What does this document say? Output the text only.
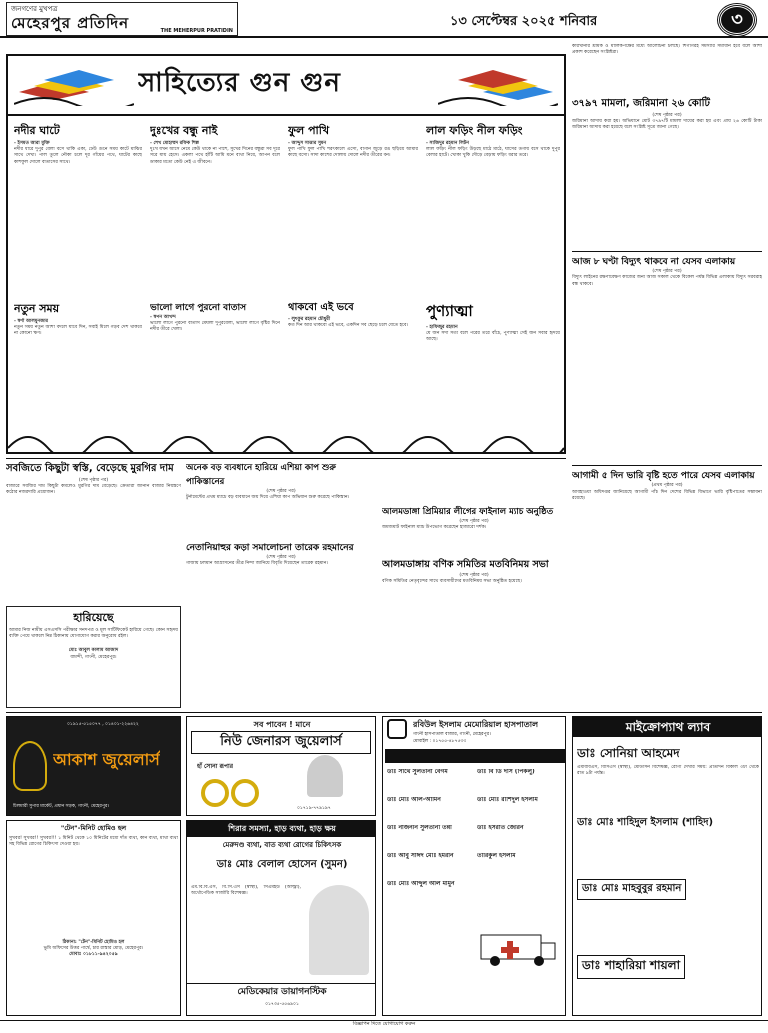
জনগণের মুখপত্র
মেহেরপুর প্রতিদিন	THE MEHERPUR PRATIDIN
১৩ সেপ্টেম্বর ২০২৫ শনিবার	৩
সাহিত্যের গুন গুন
নদীর ঘাটে
- ইসমত আরা মুক্তি
নদীর ধারে দুপুর বেলা বসে থাকি একা, ঢেউ গুনে সময় কাটে মাঝির সাথে দেখা। পাল তুলে নৌকা চলে দূর গাঁয়ের পথে, ঘাটের কাছে কাশফুল দোলে বাতাসের সাথে।
দুঃখের বন্ধু নাই
- শেখ মোহাম্মদ রফিক শিল্প
দুঃখ যখন আসে নেমে কেউ থাকে না পাশে, সুখের দিনের বন্ধুরা সব দূরে সরে যায় হেসে। একলা পথে হাঁটি আমি মনে ব্যথা নিয়ে, আপন বলে ডাকার মতো কেউ নেই এ জীবনে।
ফুল পাখি
- আব্দুস সাত্তার সুমন
ফুল পাখি ফুল পাখি শরৎকালে এসো, বাগান জুড়ে রঙ ছড়িয়ে আমার কাছে বসো। সাদা কাশের দোলায় দোলে নদীর তীরের বন।
লাল ফড়িং নীল ফড়িং
- সাজিদুর রহমান লিটন
লাল ফড়িং নীল ফড়িং উড়ছে মাঠে মাঠে, ঘাসের ডগায় বসে থাকে দুপুর বেলার হাটে। খোকা খুকি দৌড়ে বেড়ায় ফড়িং ধরার তরে।
নতুন সময়
- স্বর্ণা আলমুনজার
নতুন সময় নতুন আশা বদলে যাবে দিন, সবাই মিলে গড়ব দেশ থাকবে না কোনো ঋণ।
ভালো লাগে পুরনো বাতাস
- স্বপন আখন্দ
ভালো লাগে পুরনো বাতাস মেঘলা দুপুরবেলা, ভালো লাগে বৃষ্টির দিনে নদীর তীরে খেলা।
থাকবো এই ভবে
- লুৎফুর রহমান চৌধুরী
কত দিন আর থাকবো এই ভবে, একদিন সব ছেড়ে চলে যেতে হবে।
পুণ্যাত্মা
- হাফিজুর রহমান
যে জন সদা সত্য বলে পরের তরে বাঁচে, পুণ্যাত্মা সেই জন সবার হৃদয়ে আছে।
কারখানার শ্রমিক ও মালিকপক্ষের মধ্যে আলোচনা চলছে। শিগগিরই সমস্যার সমাধান হবে বলে আশা প্রকাশ করেছেন সংশ্লিষ্টরা।
৩৭৯৭ মামলা, জরিমানা ২৬ কোটি
(শেষ পৃষ্ঠার পর)
জরিমানা আদায় করা হয়। অভিযানে মোট ৩৭৯৭টি মামলা দায়ের করা হয় এবং প্রায় ২৬ কোটি টাকা জরিমানা আদায় করা হয়েছে বলে সংশ্লিষ্ট সূত্রে জানা গেছে।
আজ ৮ ঘণ্টা বিদ্যুৎ থাকবে না যেসব এলাকায়
(শেষ পৃষ্ঠার পর)
বিদ্যুৎ লাইনের রক্ষণাবেক্ষণ কাজের জন্য আজ সকাল থেকে বিকেল পর্যন্ত বিভিন্ন এলাকায় বিদ্যুৎ সরবরাহ বন্ধ থাকবে।
আগামী ৫ দিন ভারি বৃষ্টি হতে পারে যেসব এলাকায়
(প্রথম পৃষ্ঠার পর)
আবহাওয়া অধিদপ্তর জানিয়েছে আগামী পাঁচ দিন দেশের বিভিন্ন বিভাগে ভারি বৃষ্টিপাতের সম্ভাবনা রয়েছে।
সবজিতে কিছুটা স্বস্তি, বেড়েছে মুরগির দাম
(শেষ পৃষ্ঠার পর)
বাজারে সবজির দাম কিছুটা কমলেও মুরগির দাম বেড়েছে। ক্রেতারা জানান বাজার নিয়ন্ত্রণে কঠোর নজরদারি প্রয়োজন।
অনেক বড় ব্যবধানে হারিয়ে এশিয়া কাপ শুরু পাকিস্তানের
(শেষ পৃষ্ঠার পর)
টুর্নামেন্টের প্রথম ম্যাচে বড় ব্যবধানে জয় দিয়ে এশিয়া কাপ অভিযান শুরু করেছে পাকিস্তান।
নেতানিয়াহুর কড়া সমালোচনা তারেক রহমানের
(শেষ পৃষ্ঠার পর)
গাজায় চলমান আগ্রাসনের তীব্র নিন্দা জানিয়ে বিবৃতি দিয়েছেন তারেক রহমান।
আলমডাঙ্গা প্রিমিয়ার লীগের ফাইনাল ম্যাচ অনুষ্ঠিত
(শেষ পৃষ্ঠার পর)
জমজমাট ফাইনাল ম্যাচ উপভোগ করেছেন হাজারো দর্শক।
আলমডাঙ্গায় বণিক সমিতির মতবিনিময় সভা
(শেষ পৃষ্ঠার পর)
বণিক সমিতির নেতৃবৃন্দের সাথে ব্যবসায়ীদের মতবিনিময় সভা অনুষ্ঠিত হয়েছে।
হারিয়েছে
আমার নিজ নামীয় এসএসসি পরীক্ষার সনদপত্র ও মূল সার্টিফিকেট হারিয়ে গেছে। কোন সহৃদয় ব্যক্তি পেয়ে থাকলে নিম্ন ঠিকানায় যোগাযোগ করার অনুরোধ রইল।
মোঃ আবুল কালাম আজাদ
বামন্দী, গাংনী, মেহেরপুর।
০১৯১৫-৫১৫০৭৭ , ০১৪০১-২২৬৪২২
আকাশ জুয়েলার্স
চিলমারী সুপার মার্কেট, প্রধান সড়ক, গাংনী, মেহেরপুর।
সব পাবেন ! মানে
নিউ জেনারস জুয়েলার্স
হাঁ সোনা রূপার
০১৭১৯-৭৭৯১৯৭
রবিউল ইসলাম মেমোরিয়াল হাসপাতাল
গাংনী হাসপাতাল বাজার, গাংনী, মেহেরপুর।
মোবাইল : ০১৭৫৫-৪৮৭৫৩৩
ডাঃ সাথে সুলতানা বেগম	ডাঃ বি ডি দাস (পিকলু)
ডাঃ মোঃ আল-আমিন	ডাঃ মোঃ রাশিদুল ইসলাম
ডাঃ নাজনীন সুলতানা তন্নী	ডাঃ ইসরাত জেরিন
ডাঃ আবু সাঈদ মোঃ ইমরান	তারিকুল ইসলাম
ডাঃ মোঃ আব্দুল আল মামুন
মাইক্রোপ্যাথ ল্যাব
ডাঃ সোনিয়া আহমেদ
এমবিবিএস, বিসিএস (স্বাস্থ্য), মেডিসিন বিশেষজ্ঞ, রোগী দেখার সময়: প্রতিদিন বিকাল ৩টা থেকে রাত ৯টা পর্যন্ত।
ডাঃ মোঃ শাহিদুল ইসলাম (শাহিদ)
ডাঃ মোঃ মাহবুবুর রহমান
ডাঃ শাহারিয়া শায়লা
শিরার সমস্যা, হাড় ব্যথা, হাড় ক্ষয়
মেরুদণ্ড ব্যথা, বাত ব্যথা রোগের চিকিৎসক
ডাঃ মোঃ বেলাল হোসেন (সুমন)
এম.বি.বি.এস, বি.সি.এস (স্বাস্থ্য), সিএমইউ (আল্ট্রা), অর্থোপেডিক সার্জারি বিশেষজ্ঞ।
মেডিকেয়ার ডায়াগনস্টিক
০১৭৩৫-৫৫৬৯০১
"টেন"-মিনিট হোমিও হল
সুখবর! সুখবর!! সুখবর!!! ১ মিনিট থেকে ১০ মিনিটের মধ্যে দাঁত ব্যথা, কান ব্যথা, মাথা ব্যথা সহ বিভিন্ন রোগের চিকিৎসা দেওয়া হয়।
ঠিকানা: "টেন"-মিনিট হোমিও হল
ভুমি অফিসের উত্তর পার্শ্বে, চার রাস্তার মোড়, মেহেরপুর।
মোবাঃ ০১৮১১-৯৪২০৫৯
বিজ্ঞাপন দিতে যোগাযোগ করুন
